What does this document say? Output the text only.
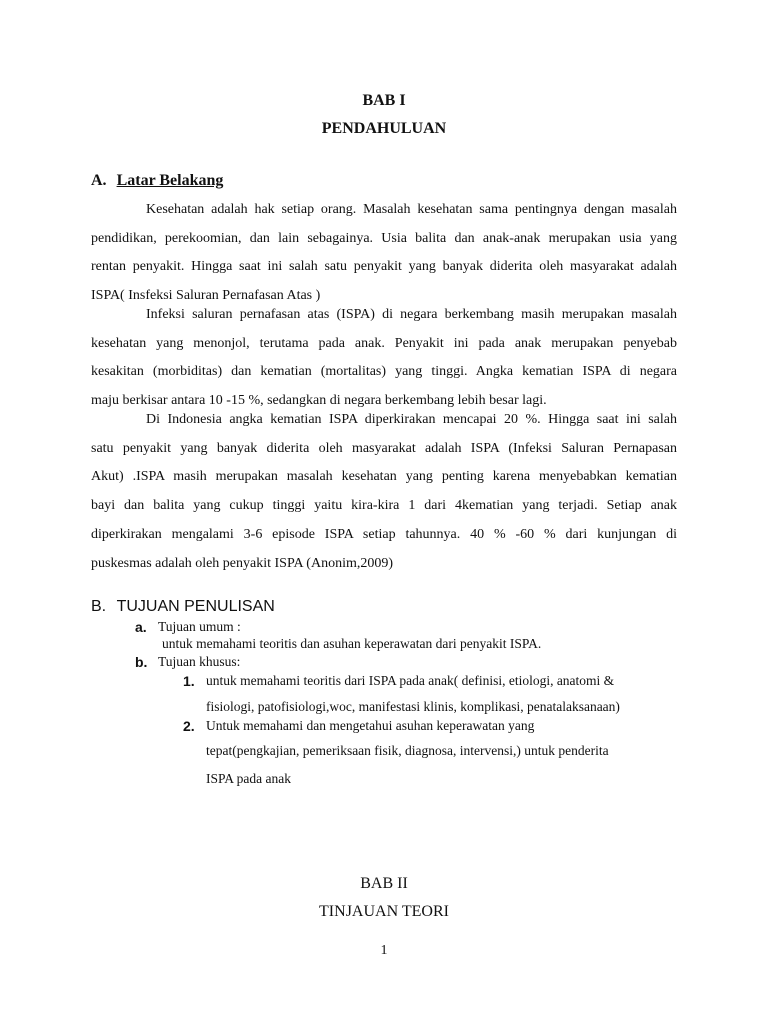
BAB I
PENDAHULUAN
A. Latar Belakang
Kesehatan adalah hak setiap orang. Masalah kesehatan sama pentingnya dengan masalah
pendidikan, perekoomian, dan lain sebagainya. Usia balita dan anak-anak merupakan usia yang
rentan penyakit. Hingga saat ini salah satu penyakit yang banyak diderita oleh masyarakat adalah
ISPA( Insfeksi Saluran Pernafasan Atas )
Infeksi saluran pernafasan atas (ISPA) di negara berkembang masih merupakan masalah
kesehatan yang menonjol, terutama pada anak. Penyakit ini pada anak merupakan penyebab
kesakitan (morbiditas) dan kematian (mortalitas) yang tinggi. Angka kematian ISPA di negara
maju berkisar antara 10 -15 %, sedangkan di negara berkembang lebih besar lagi.
Di Indonesia angka kematian ISPA diperkirakan mencapai 20 %. Hingga saat ini salah
satu penyakit yang banyak diderita oleh masyarakat adalah ISPA (Infeksi Saluran Pernapasan
Akut) .ISPA masih merupakan masalah kesehatan yang penting karena menyebabkan kematian
bayi dan balita yang cukup tinggi yaitu kira-kira 1 dari 4kematian yang terjadi. Setiap anak
diperkirakan mengalami 3-6 episode ISPA setiap tahunnya. 40 % -60 % dari kunjungan di
puskesmas adalah oleh penyakit ISPA (Anonim,2009)
B. TUJUAN PENULISAN
a. Tujuan umum :
untuk memahami teoritis dan asuhan keperawatan dari penyakit ISPA.
b. Tujuan khusus:
1. untuk memahami teoritis dari ISPA pada anak( definisi, etiologi, anatomi &
fisiologi, patofisiologi,woc, manifestasi klinis, komplikasi, penatalaksanaan)
2. Untuk memahami dan mengetahui asuhan keperawatan yang
tepat(pengkajian, pemeriksaan fisik, diagnosa, intervensi,) untuk penderita
ISPA pada anak
BAB II
TINJAUAN TEORI
1
